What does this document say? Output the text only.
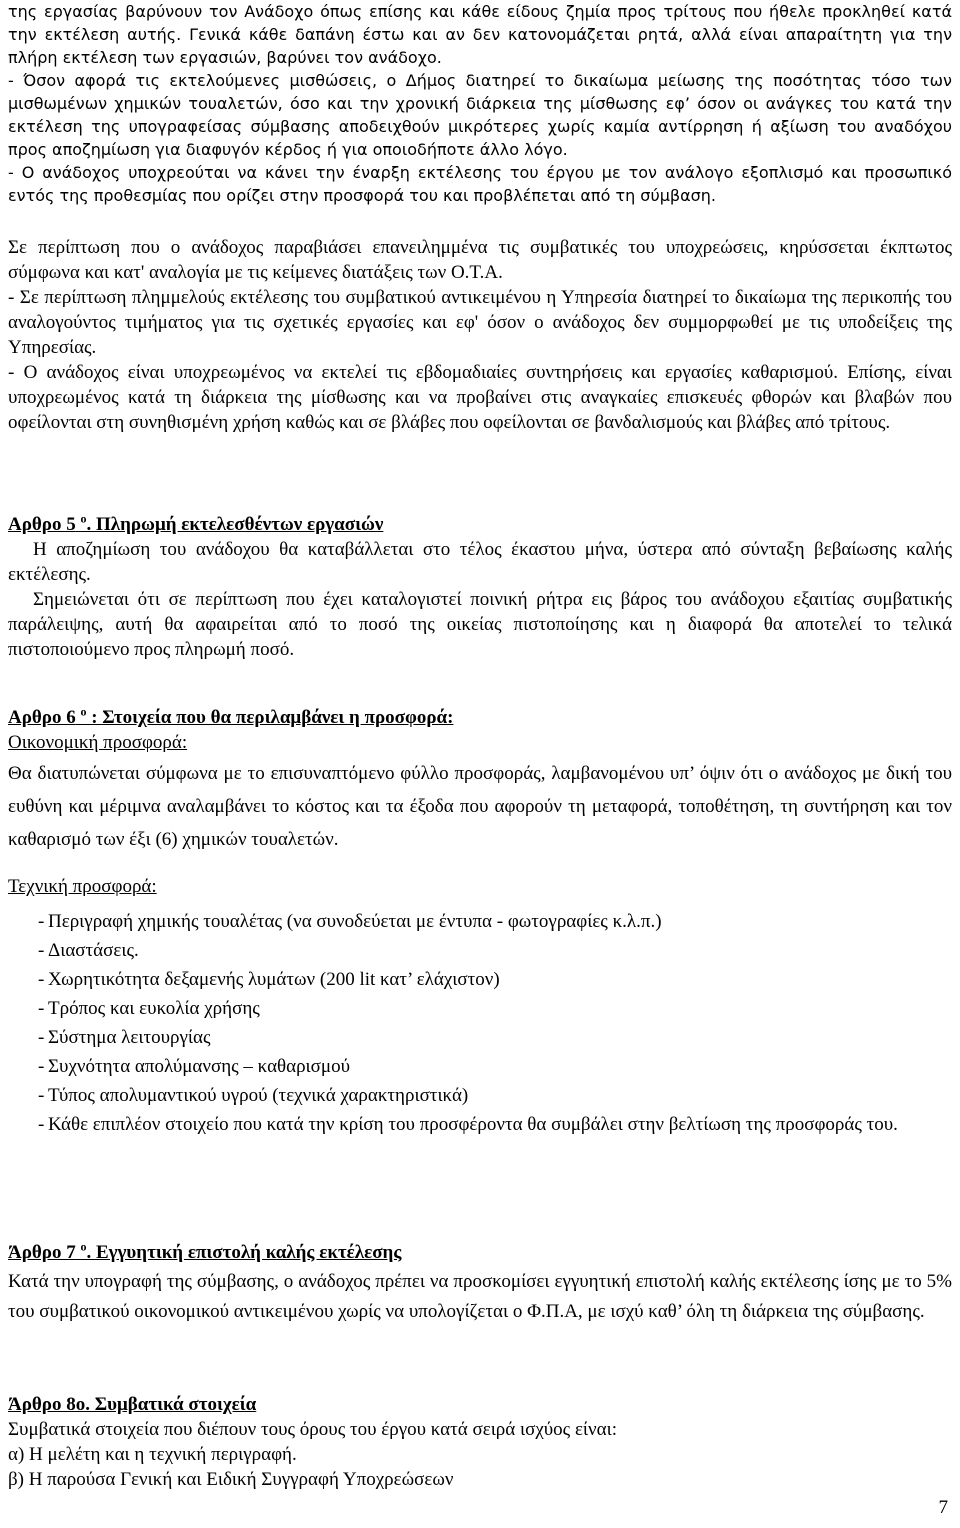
της εργασίας βαρύνουν τον Ανάδοχο όπως επίσης και κάθε είδους ζημία προς τρίτους που ήθελε προκληθεί κατά την εκτέλεση αυτής. Γενικά κάθε δαπάνη έστω και αν δεν κατονομάζεται ρητά, αλλά είναι απαραίτητη για την πλήρη εκτέλεση των εργασιών, βαρύνει τον ανάδοχο.

- Όσον αφορά τις εκτελούμενες μισθώσεις, ο Δήμος διατηρεί το δικαίωμα μείωσης της ποσότητας τόσο των μισθωμένων χημικών τουαλετών, όσο και την χρονική διάρκεια της μίσθωσης εφ’ όσον οι ανάγκες του κατά την εκτέλεση της υπογραφείσας σύμβασης αποδειχθούν μικρότερες χωρίς καμία αντίρρηση ή αξίωση του αναδόχου προς αποζημίωση για διαφυγόν κέρδος ή για οποιοδήποτε άλλο λόγο.

- Ο ανάδοχος υποχρεούται να κάνει την έναρξη εκτέλεσης του έργου με τον ανάλογο εξοπλισμό και προσωπικό εντός της προθεσμίας που ορίζει στην προσφορά του και προβλέπεται από τη σύμβαση.

Σε περίπτωση που ο ανάδοχος παραβιάσει επανειλημμένα τις συμβατικές του υποχρεώσεις, κηρύσσεται έκπτωτος σύμφωνα και κατ' αναλογία με τις κείμενες διατάξεις των Ο.Τ.Α.

- Σε περίπτωση πλημμελούς εκτέλεσης του συμβατικού αντικειμένου η Υπηρεσία διατηρεί το δικαίωμα της περικοπής του αναλογούντος τιμήματος για τις σχετικές εργασίες και εφ' όσον ο ανάδοχος δεν συμμορφωθεί με τις υποδείξεις της Υπηρεσίας.

- Ο ανάδοχος είναι υποχρεωμένος να εκτελεί τις εβδομαδιαίες συντηρήσεις και εργασίες καθαρισμού. Επίσης, είναι υποχρεωμένος κατά τη διάρκεια της μίσθωσης και να προβαίνει στις αναγκαίες επισκευές φθορών και βλαβών που οφείλονται στη συνηθισμένη χρήση καθώς και σε βλάβες που οφείλονται σε βανδαλισμούς και βλάβες από τρίτους.

Αρθρο 5 $^o$. Πληρωμή εκτελεσθέντων εργασιών

Η αποζημίωση του ανάδοχου θα καταβάλλεται στο τέλος έκαστου μήνα, ύστερα από σύνταξη βεβαίωσης καλής εκτέλεσης.

Σημειώνεται ότι σε περίπτωση που έχει καταλογιστεί ποινική ρήτρα εις βάρος του ανάδοχου εξαιτίας συμβατικής παράλειψης, αυτή θα αφαιρείται από το ποσό της οικείας πιστοποίησης και η διαφορά θα αποτελεί το τελικά πιστοποιούμενο προς πληρωμή ποσό.

Αρθρο 6 $^o$ : Στοιχεία που θα περιλαμβάνει η προσφορά:

Οικονομική προσφορά:

Θα διατυπώνεται σύμφωνα με το επισυναπτόμενο φύλλο προσφοράς, λαμβανομένου υπ’ όψιν ότι ο ανάδοχος με δική του ευθύνη και μέριμνα αναλαμβάνει το κόστος και τα έξοδα που αφορούν τη μεταφορά, τοποθέτηση, τη συντήρηση και τον καθαρισμό των έξι (6) χημικών τουαλετών.

Τεχνική προσφορά:

- Περιγραφή χημικής τουαλέτας (να συνοδεύεται με έντυπα - φωτογραφίες κ.λ.π.)
- Διαστάσεις.
- Χωρητικότητα δεξαμενής λυμάτων (200 lit κατ’ ελάχιστον)
- Τρόπος και ευκολία χρήσης
- Σύστημα λειτουργίας
- Συχνότητα απολύμανσης – καθαρισμού
- Τύπος απολυμαντικού υγρού (τεχνικά χαρακτηριστικά)
- Κάθε επιπλέον στοιχείο που κατά την κρίση του προσφέροντα θα συμβάλει στην βελτίωση της προσφοράς του.

Άρθρο 7 $^o$. Εγγυητική επιστολή καλής εκτέλεσης

Κατά την υπογραφή της σύμβασης, ο ανάδοχος πρέπει να προσκομίσει εγγυητική επιστολή καλής εκτέλεσης ίσης με το 5% του συμβατικού οικονομικού αντικειμένου χωρίς να υπολογίζεται ο Φ.Π.Α, με ισχύ καθ’ όλη τη διάρκεια της σύμβασης.

Άρθρο 8ο. Συμβατικά στοιχεία

Συμβατικά στοιχεία που διέπουν τους όρους του έργου κατά σειρά ισχύος είναι:

α) Η μελέτη και η τεχνική περιγραφή.

β) Η παρούσα Γενική και Ειδική Συγγραφή Υποχρεώσεων

7
